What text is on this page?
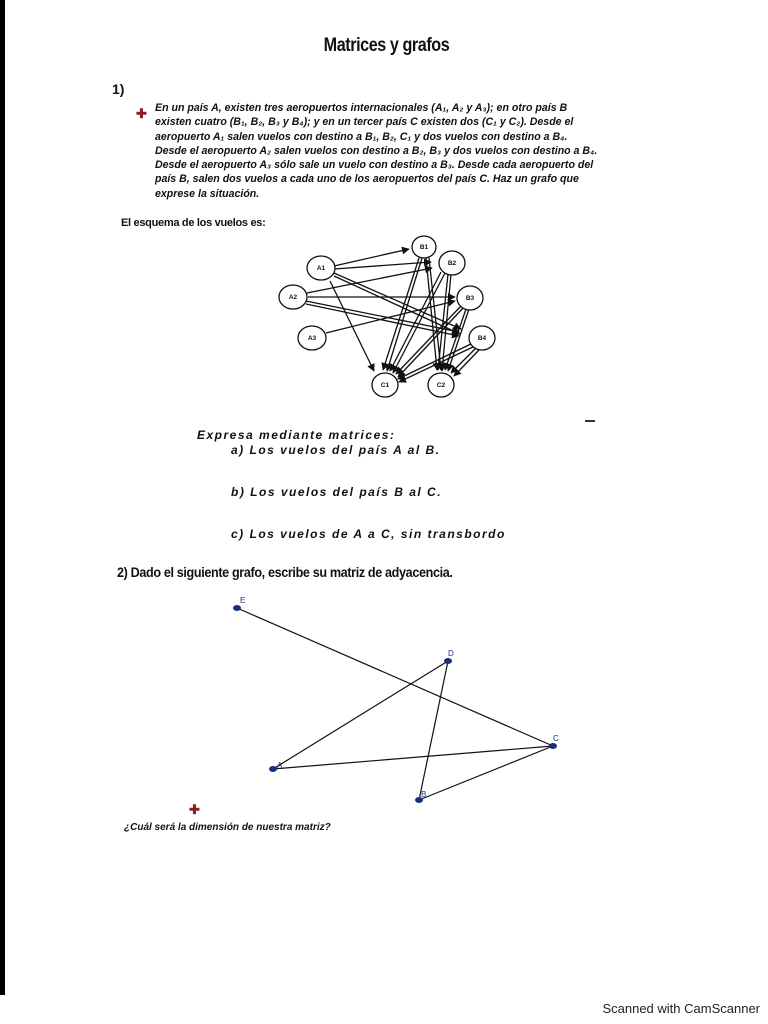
Matrices y grafos
1)
✚ En un país A, existen tres aeropuertos internacionales (A₁, A₂ y A₃); en otro país B
existen cuatro (B₁, B₂, B₃ y B₄); y en un tercer país C existen dos (C₁ y C₂). Desde el
aeropuerto A₁ salen vuelos con destino a B₁, B₂, C₁ y dos vuelos con destino a B₄.
Desde el aeropuerto A₂ salen vuelos con destino a B₂, B₃ y dos vuelos con destino a B₄.
Desde el aeropuerto A₃ sólo sale un vuelo con destino a B₃. Desde cada aeropuerto del
país B, salen dos vuelos a cada uno de los aeropuertos del país C. Haz un grafo que
exprese la situación.
El esquema de los vuelos es:
A1
A2
A3
B1
B2
B3
B4
C1	C2
E
D
C
A
B
Expresa mediante matrices:
a) Los vuelos del país A al B.
b) Los vuelos del país B al C.
c) Los vuelos de A a C, sin transbordo
2) Dado el siguiente grafo, escribe su matriz de adyacencia.
✚
¿Cuál será la dimensión de nuestra matriz?
Scanned with CamScanner
